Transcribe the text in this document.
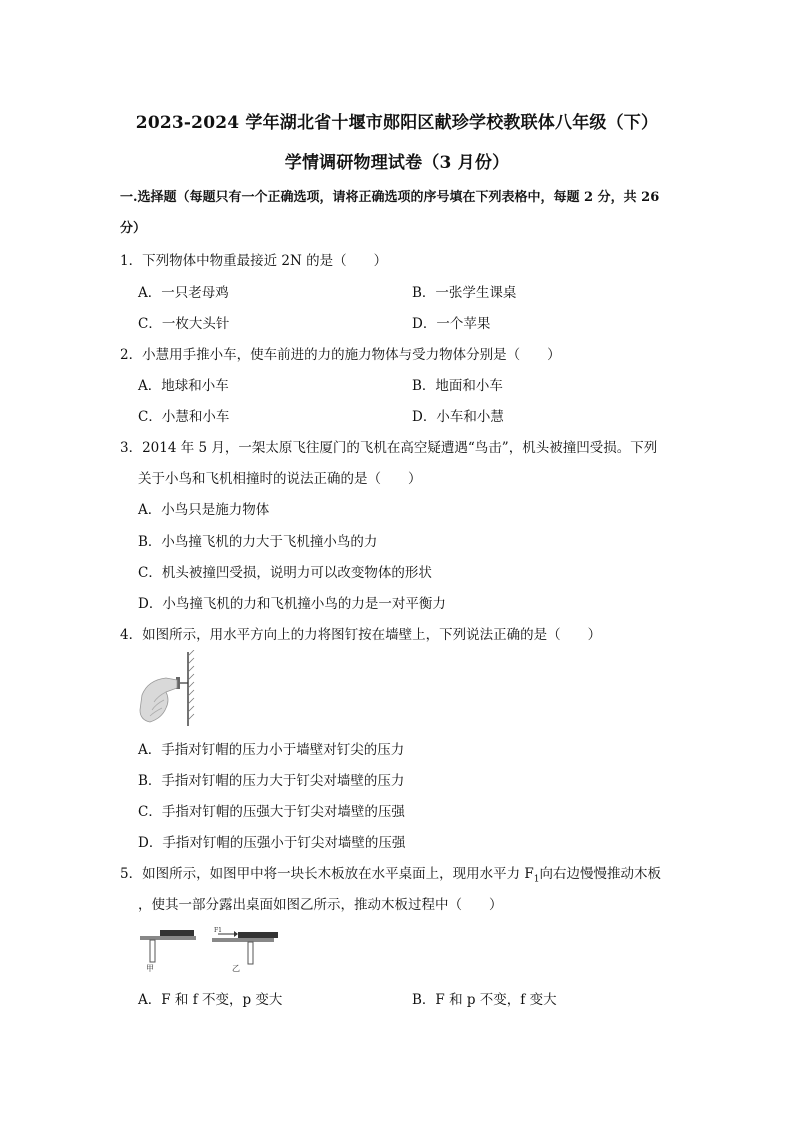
2023-2024 学年湖北省十堰市郧阳区献珍学校教联体八年级（下）
学情调研物理试卷（3 月份）
一.选择题（每题只有一个正确选项，请将正确选项的序号填在下列表格中，每题 2 分，共 26 分）
1．下列物体中物重最接近 2N 的是（　　）
A．一只老母鸡	B．一张学生课桌
C．一枚大头针	D．一个苹果
2．小慧用手推小车，使车前进的力的施力物体与受力物体分别是（　　）
A．地球和小车	B．地面和小车
C．小慧和小车	D．小车和小慧
3．2014 年 5 月，一架太原飞往厦门的飞机在高空疑遭遇“鸟击”，机头被撞凹受损。下列
关于小鸟和飞机相撞时的说法正确的是（　　）
A．小鸟只是施力物体
B．小鸟撞飞机的力大于飞机撞小鸟的力
C．机头被撞凹受损，说明力可以改变物体的形状
D．小鸟撞飞机的力和飞机撞小鸟的力是一对平衡力
4．如图所示，用水平方向上的力将图钉按在墙壁上，下列说法正确的是（　　）
A．手指对钉帽的压力小于墙壁对钉尖的压力
B．手指对钉帽的压力大于钉尖对墙壁的压力
C．手指对钉帽的压强大于钉尖对墙壁的压强
D．手指对钉帽的压强小于钉尖对墙壁的压强
5．如图所示，如图甲中将一块长木板放在水平桌面上，现用水平力 $F_1$向右边慢慢推动木板
，使其一部分露出桌面如图乙所示，推动木板过程中（　　）
甲
F1
乙
A．F 和 f 不变，p 变大	B．F 和 p 不变，f 变大
